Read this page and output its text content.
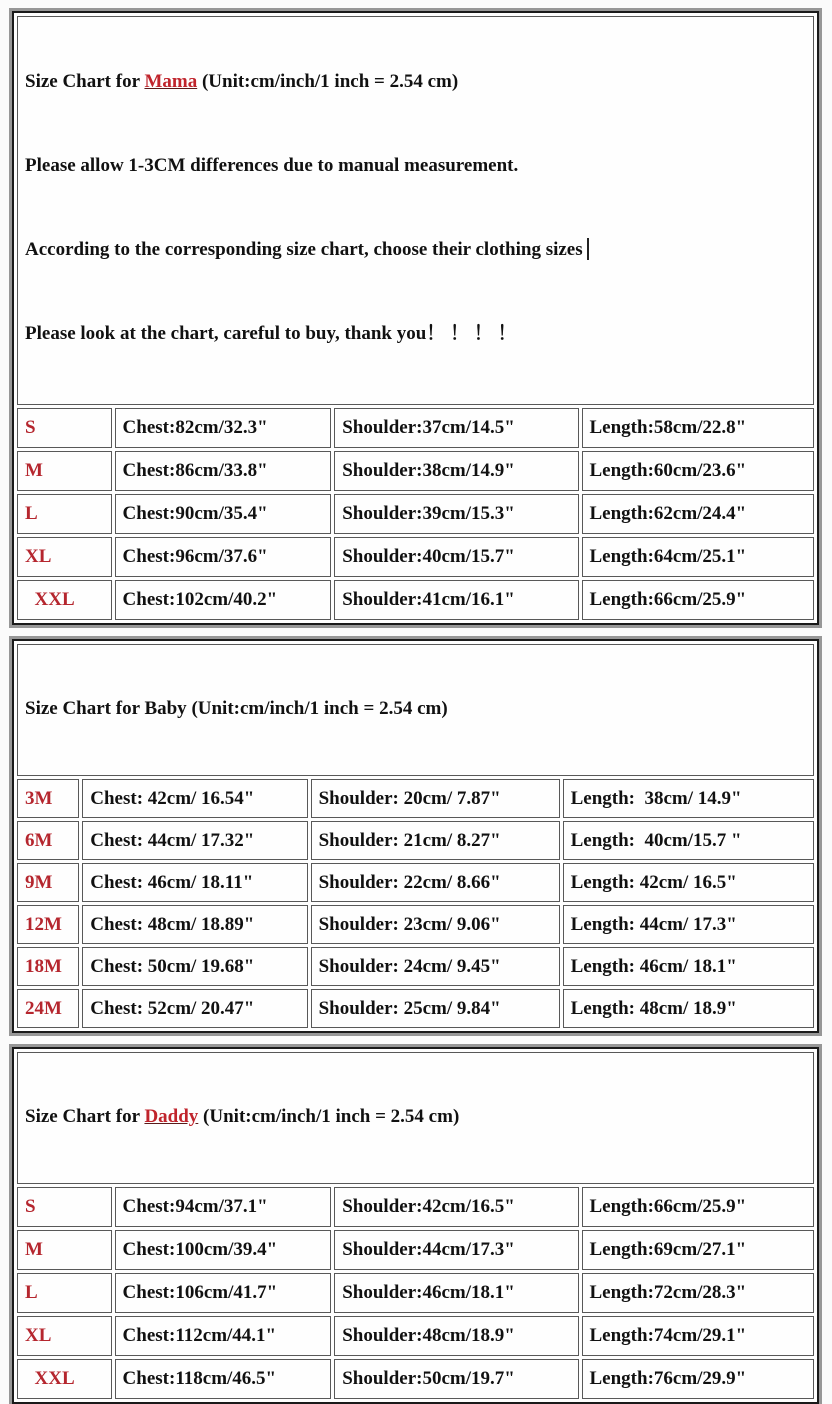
Size Chart for Mama (Unit:cm/inch/1 inch = 2.54 cm)

Please allow 1-3CM differences due to manual measurement.

According to the corresponding size chart, choose their clothing sizes

Please look at the chart, careful to buy, thank you！ ！ ！ ！			

S	Chest:82cm/32.3"	Shoulder:37cm/14.5"	Length:58cm/22.8"
M	Chest:86cm/33.8"	Shoulder:38cm/14.9"	Length:60cm/23.6"
L	Chest:90cm/35.4"	Shoulder:39cm/15.3"	Length:62cm/24.4"
XL	Chest:96cm/37.6"	Shoulder:40cm/15.7"	Length:64cm/25.1"
XXL	Chest:102cm/40.2"	Shoulder:41cm/16.1"	Length:66cm/25.9"

Size Chart for Baby (Unit:cm/inch/1 inch = 2.54 cm)			

3M	Chest: 42cm/ 16.54"	Shoulder: 20cm/ 7.87"	Length:  38cm/ 14.9"
6M	Chest: 44cm/ 17.32"	Shoulder: 21cm/ 8.27"	Length:  40cm/15.7 "
9M	Chest: 46cm/ 18.11"	Shoulder: 22cm/ 8.66"	Length: 42cm/ 16.5"
12M	Chest: 48cm/ 18.89"	Shoulder: 23cm/ 9.06"	Length: 44cm/ 17.3"
18M	Chest: 50cm/ 19.68"	Shoulder: 24cm/ 9.45"	Length: 46cm/ 18.1"
24M	Chest: 52cm/ 20.47"	Shoulder: 25cm/ 9.84"	Length: 48cm/ 18.9"

Size Chart for Daddy (Unit:cm/inch/1 inch = 2.54 cm)			

S	Chest:94cm/37.1"	Shoulder:42cm/16.5"	Length:66cm/25.9"
M	Chest:100cm/39.4"	Shoulder:44cm/17.3"	Length:69cm/27.1"
L	Chest:106cm/41.7"	Shoulder:46cm/18.1"	Length:72cm/28.3"
XL	Chest:112cm/44.1"	Shoulder:48cm/18.9"	Length:74cm/29.1"
XXL	Chest:118cm/46.5"	Shoulder:50cm/19.7"	Length:76cm/29.9"
